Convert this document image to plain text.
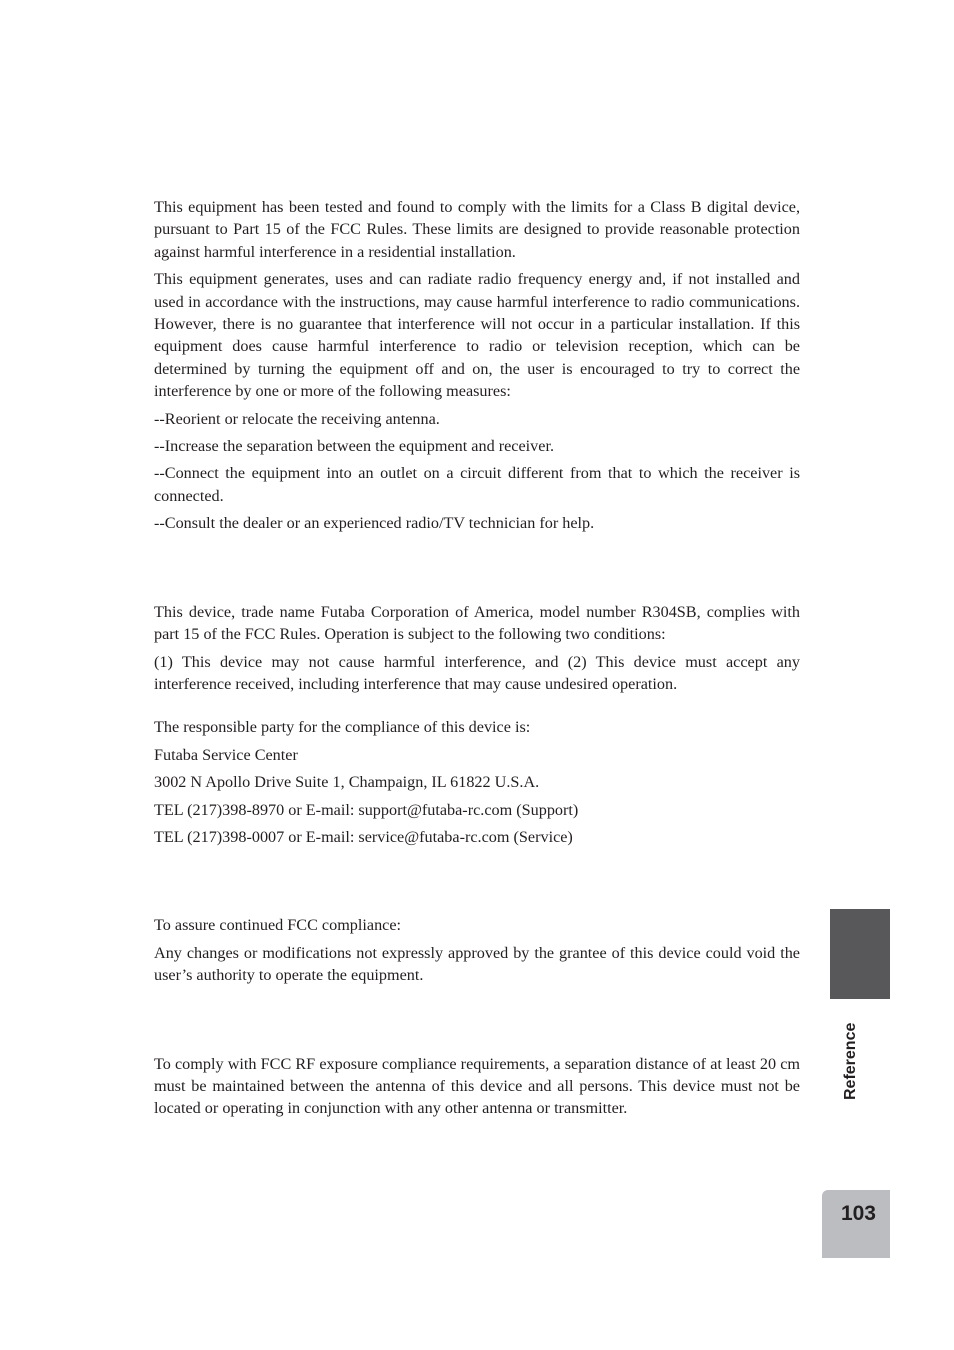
This equipment has been tested and found to comply with the limits for a Class B digital device, pursuant to Part 15 of the FCC Rules. These limits are designed to provide reasonable protection against harmful interference in a residential installation.

This equipment generates, uses and can radiate radio frequency energy and, if not installed and used in accordance with the instructions, may cause harmful interference to radio communications. However, there is no guarantee that interference will not occur in a particular installation. If this equipment does cause harmful interference to radio or television reception, which can be determined by turning the equipment off and on, the user is encouraged to try to correct the interference by one or more of the following measures:

--Reorient or relocate the receiving antenna.

--Increase the separation between the equipment and receiver.

--Connect the equipment into an outlet on a circuit different from that to which the receiver is connected.

--Consult the dealer or an experienced radio/TV technician for help.

This device, trade name Futaba Corporation of America, model number R304SB, complies with part 15 of the FCC Rules. Operation is subject to the following two conditions:

(1) This device may not cause harmful interference, and (2) This device must accept any interference received, including interference that may cause undesired operation.

The responsible party for the compliance of this device is:

Futaba Service Center

3002 N Apollo Drive Suite 1, Champaign, IL 61822 U.S.A.

TEL (217)398-8970 or E-mail: support@futaba-rc.com (Support)

TEL (217)398-0007 or E-mail: service@futaba-rc.com (Service)

To assure continued FCC compliance:

Any changes or modifications not expressly approved by the grantee of this device could void the user’s authority to operate the equipment.

To comply with FCC RF exposure compliance requirements, a separation distance of at least 20 cm must be maintained between the antenna of this device and all persons. This device must not be located or operating in conjunction with any other antenna or transmitter.

Reference
103
